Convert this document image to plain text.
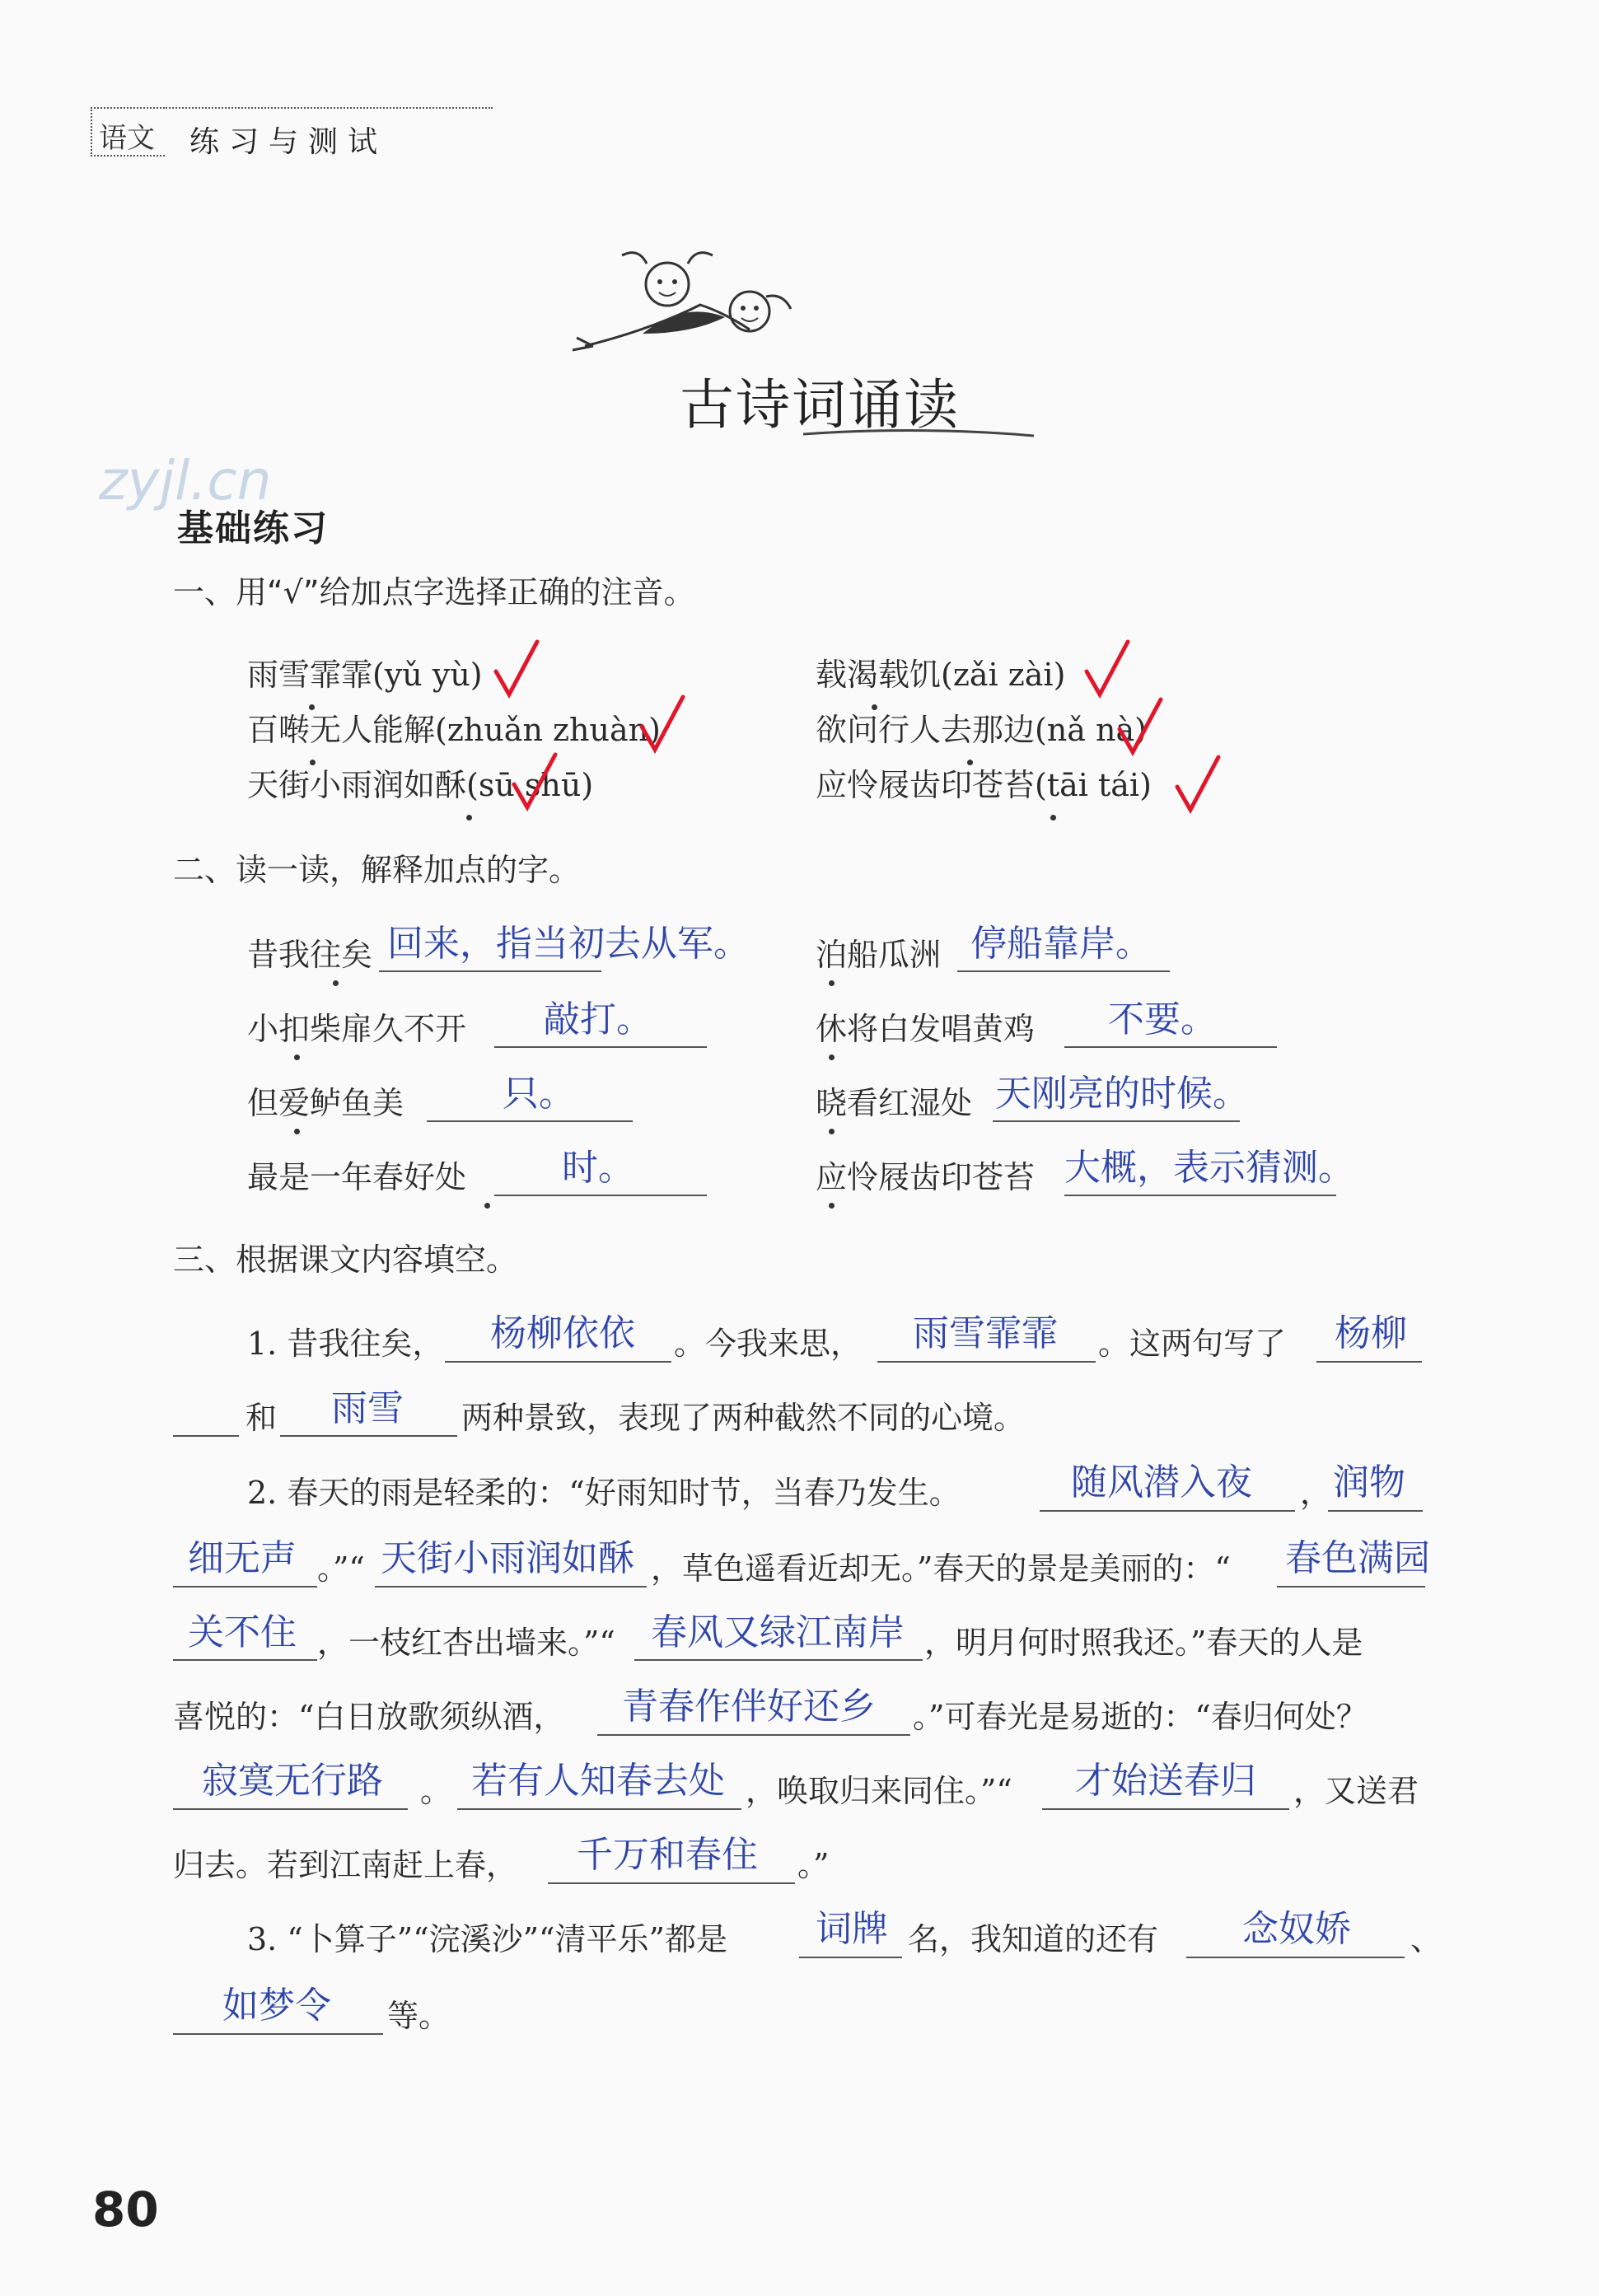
语文 练习与测试
古诗词诵读
zyjl.cn
基础练习
一、用“√”给加点字选择正确的注音。
雨雪霏霏(yǔ yù)	载渴载饥(zǎi zài)
百啭无人能解(zhuǎn zhuàn)	欲问行人去那边(nǎ nà)
天街小雨润如酥(sū shū)	应怜屐齿印苍苔(tāi tái)
二、读一读，解释加点的字。
昔我往矣 回来，指当初去从军。 泊船瓜洲 停船靠岸。
小扣柴扉久不开 敲打。	休将白发唱黄鸡 不要。
但爱鲈鱼美	只。	晓看红湿处 天刚亮的时候。
最是一年春好处	时。	应怜屐齿印苍苔 大概，表示猜测。
三、根据课文内容填空。
1. 昔我往矣， 杨柳依依 。今我来思， 雨雪霏霏 。这两句写了 杨柳
和 雨雪 两种景致，表现了两种截然不同的心境。
2. 春天的雨是轻柔的：“好雨知时节，当春乃发生。	随风潜入夜 ， 润物
细无声 。”“ 天街小雨润如酥 ，草色遥看近却无。”春天的景是美丽的：“ 春色满园
关不住 ，一枝红杏出墙来。”“ 春风又绿江南岸 ，明月何时照我还。”春天的人是
喜悦的：“白日放歌须纵酒， 青春作伴好还乡 。”可春光是易逝的：“春归何处？
寂寞无行路 。 若有人知春去处 ，唤取归来同住。”“ 才始送春归 ，又送君
归去。若到江南赶上春， 千万和春住 。”
3. “卜算子”“浣溪沙”“清平乐”都是 词牌 名，我知道的还有 念奴娇 、
如梦令 等。
80
